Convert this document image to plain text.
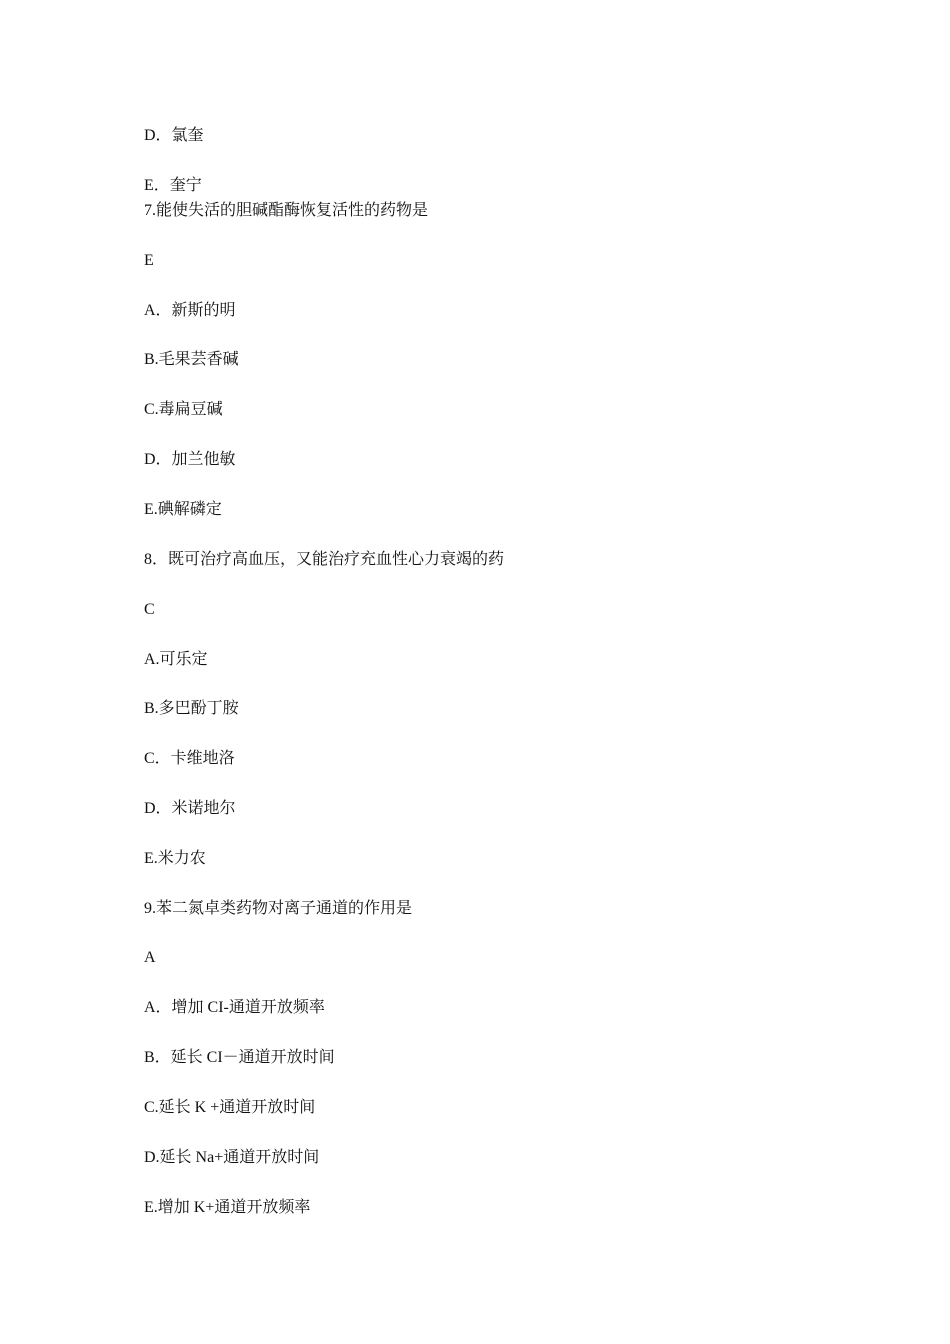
D．氯奎
E．奎宁
7.能使失活的胆碱酯酶恢复活性的药物是
E
A．新斯的明
B.毛果芸香碱
C.毒扁豆碱
D．加兰他敏
E.碘解磷定
8．既可治疗高血压，又能治疗充血性心力衰竭的药
C
A.可乐定
B.多巴酚丁胺
C．卡维地洛
D．米诺地尔
E.米力农
9.苯二氮卓类药物对离子通道的作用是
A
A．增加 CI-通道开放频率
B．延长 CI－通道开放时间
C.延长 K +通道开放时间
D.延长 Na+通道开放时间
E.增加 K+通道开放频率
